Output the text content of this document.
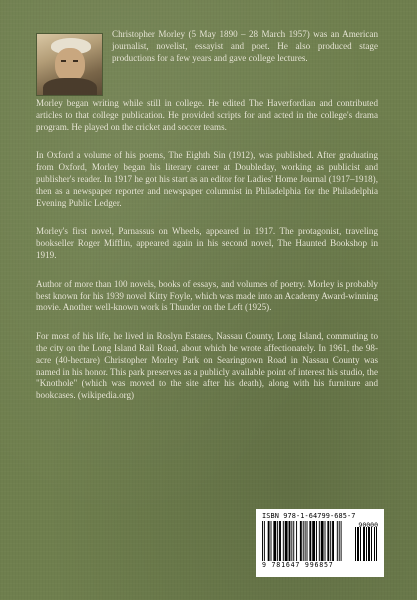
Christopher Morley (5 May 1890 – 28 March 1957) was an American journalist, novelist, essayist and poet. He also produced stage productions for a few years and gave college lectures.

Morley began writing while still in college. He edited The Haverfordian and contributed articles to that college publication. He provided scripts for and acted in the college's drama program. He played on the cricket and soccer teams.

In Oxford a volume of his poems, The Eighth Sin (1912), was published. After graduating from Oxford, Morley began his literary career at Doubleday, working as publicist and publisher's reader. In 1917 he got his start as an editor for Ladies' Home Journal (1917–1918), then as a newspaper reporter and newspaper columnist in Philadelphia for the Philadelphia Evening Public Ledger.

Morley's first novel, Parnassus on Wheels, appeared in 1917. The protagonist, traveling bookseller Roger Mifflin, appeared again in his second novel, The Haunted Bookshop in 1919.

Author of more than 100 novels, books of essays, and volumes of poetry. Morley is probably best known for his 1939 novel Kitty Foyle, which was made into an Academy Award-winning movie. Another well-known work is Thunder on the Left (1925).

For most of his life, he lived in Roslyn Estates, Nassau County, Long Island, commuting to the city on the Long Island Rail Road, about which he wrote affectionately. In 1961, the 98-acre (40-hectare) Christopher Morley Park on Searingtown Road in Nassau County was named in his honor. This park preserves as a publicly available point of interest his studio, the "Knothole" (which was moved to the site after his death), along with his furniture and bookcases. (wikipedia.org)

ISBN 978-1-64799-685-7
90000
9 781647 996857
